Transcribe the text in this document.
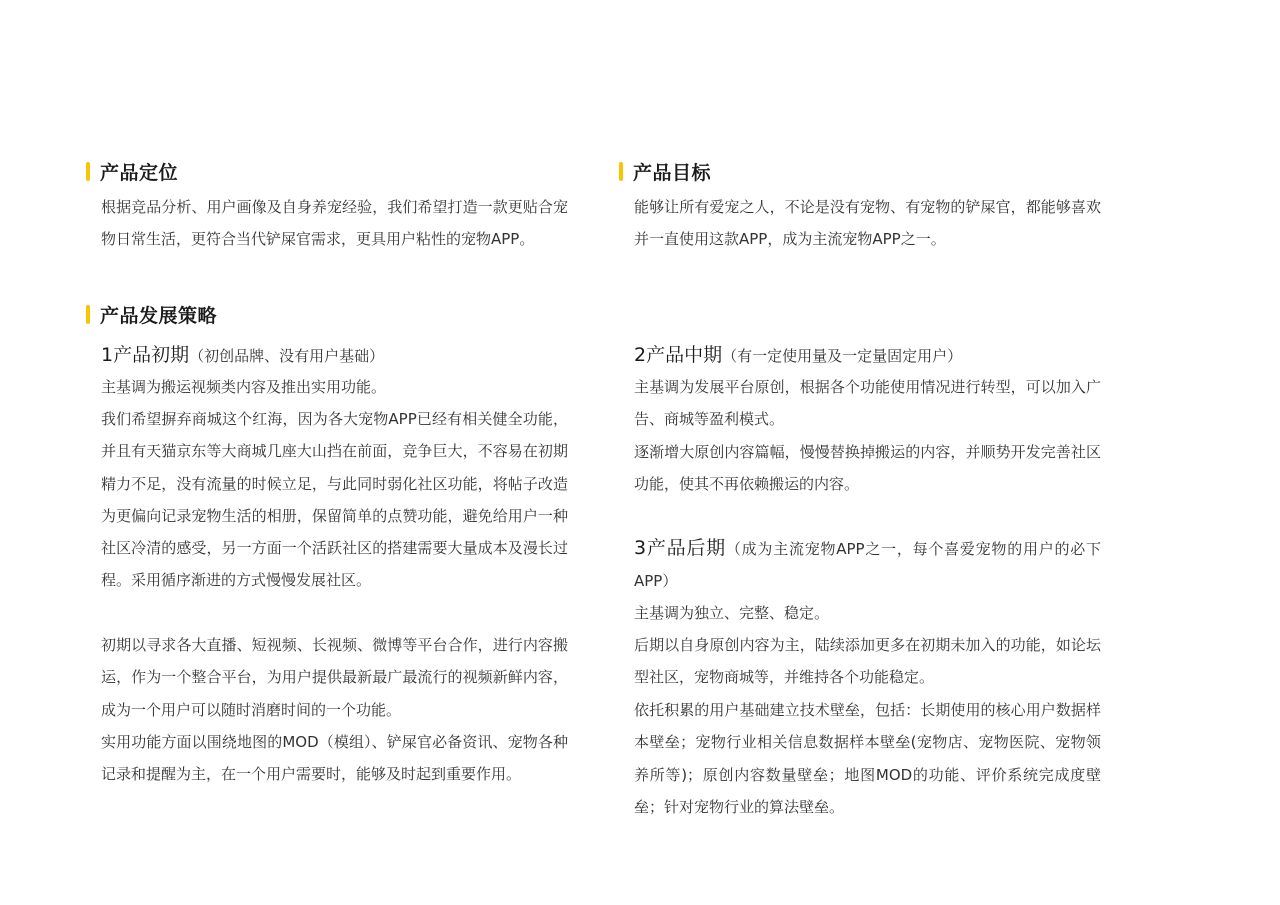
产品定位

根据竞品分析、用户画像及自身养宠经验，我们希望打造一款更贴合宠物日常生活，更符合当代铲屎官需求，更具用户粘性的宠物APP。

产品目标

能够让所有爱宠之人，不论是没有宠物、有宠物的铲屎官，都能够喜欢并一直使用这款APP，成为主流宠物APP之一。

产品发展策略
1产品初期（初创品牌、没有用户基础）

主基调为搬运视频类内容及推出实用功能。

我们希望摒弃商城这个红海，因为各大宠物APP已经有相关健全功能，并且有天猫京东等大商城几座大山挡在前面，竞争巨大，不容易在初期精力不足，没有流量的时候立足，与此同时弱化社区功能，将帖子改造为更偏向记录宠物生活的相册，保留简单的点赞功能，避免给用户一种社区冷清的感受，另一方面一个活跃社区的搭建需要大量成本及漫长过程。采用循序渐进的方式慢慢发展社区。

初期以寻求各大直播、短视频、长视频、微博等平台合作，进行内容搬运，作为一个整合平台，为用户提供最新最广最流行的视频新鲜内容，成为一个用户可以随时消磨时间的一个功能。

实用功能方面以围绕地图的MOD（模组）、铲屎官必备资讯、宠物各种记录和提醒为主，在一个用户需要时，能够及时起到重要作用。

2产品中期（有一定使用量及一定量固定用户）

主基调为发展平台原创，根据各个功能使用情况进行转型，可以加入广告、商城等盈利模式。

逐渐增大原创内容篇幅，慢慢替换掉搬运的内容，并顺势开发完善社区功能，使其不再依赖搬运的内容。

3产品后期（成为主流宠物APP之一，每个喜爱宠物的用户的必下APP）

主基调为独立、完整、稳定。

后期以自身原创内容为主，陆续添加更多在初期未加入的功能，如论坛型社区，宠物商城等，并维持各个功能稳定。

依托积累的用户基础建立技术壁垒，包括：长期使用的核心用户数据样本壁垒；宠物行业相关信息数据样本壁垒(宠物店、宠物医院、宠物领养所等)；原创内容数量壁垒；地图MOD的功能、评价系统完成度壁垒；针对宠物行业的算法壁垒。
